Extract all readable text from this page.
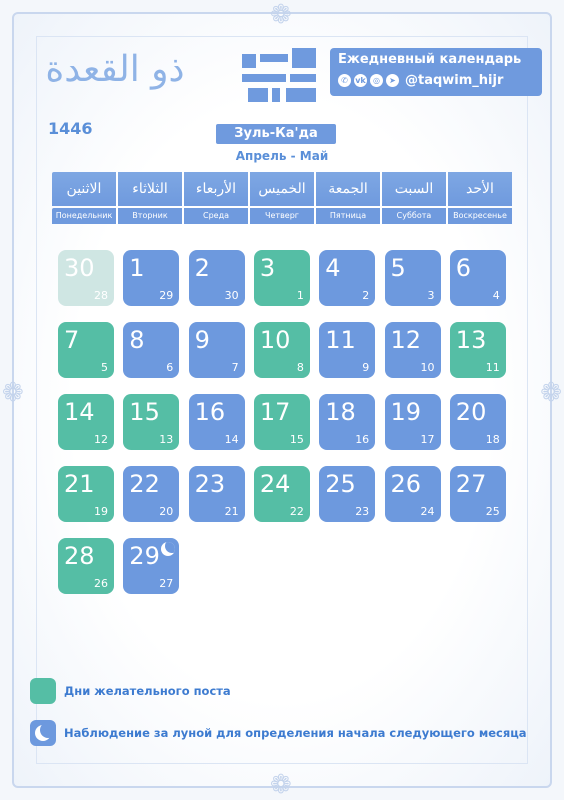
❁
❁
❁	❁
ذو القعدة
1446
Ежедневный календарь
✆ vk ◎	➤ @taqwim_hijr
Зуль-Ка'да
Апрель - Май
الاثنين
Понедельник
الثلاثاء
Вторник
الأربعاء
Среда
الخميس
Четверг
الجمعة
Пятница
السبت
Суббота
الأحد
Воскресенье
30
28
1
29
2
30
3
1
4
2
5
3
6
4
7
5
8
6
9
7
10
8
11
9
12
10
13
11
14
12
15
13
16
14
17
15
18
16
19
17
20
18
21
19
22
20
23
21
24
22
25
23
26
24
27
25
28
26
29
27
Дни желательного поста
Наблюдение за луной для определения начала следующего месяца
